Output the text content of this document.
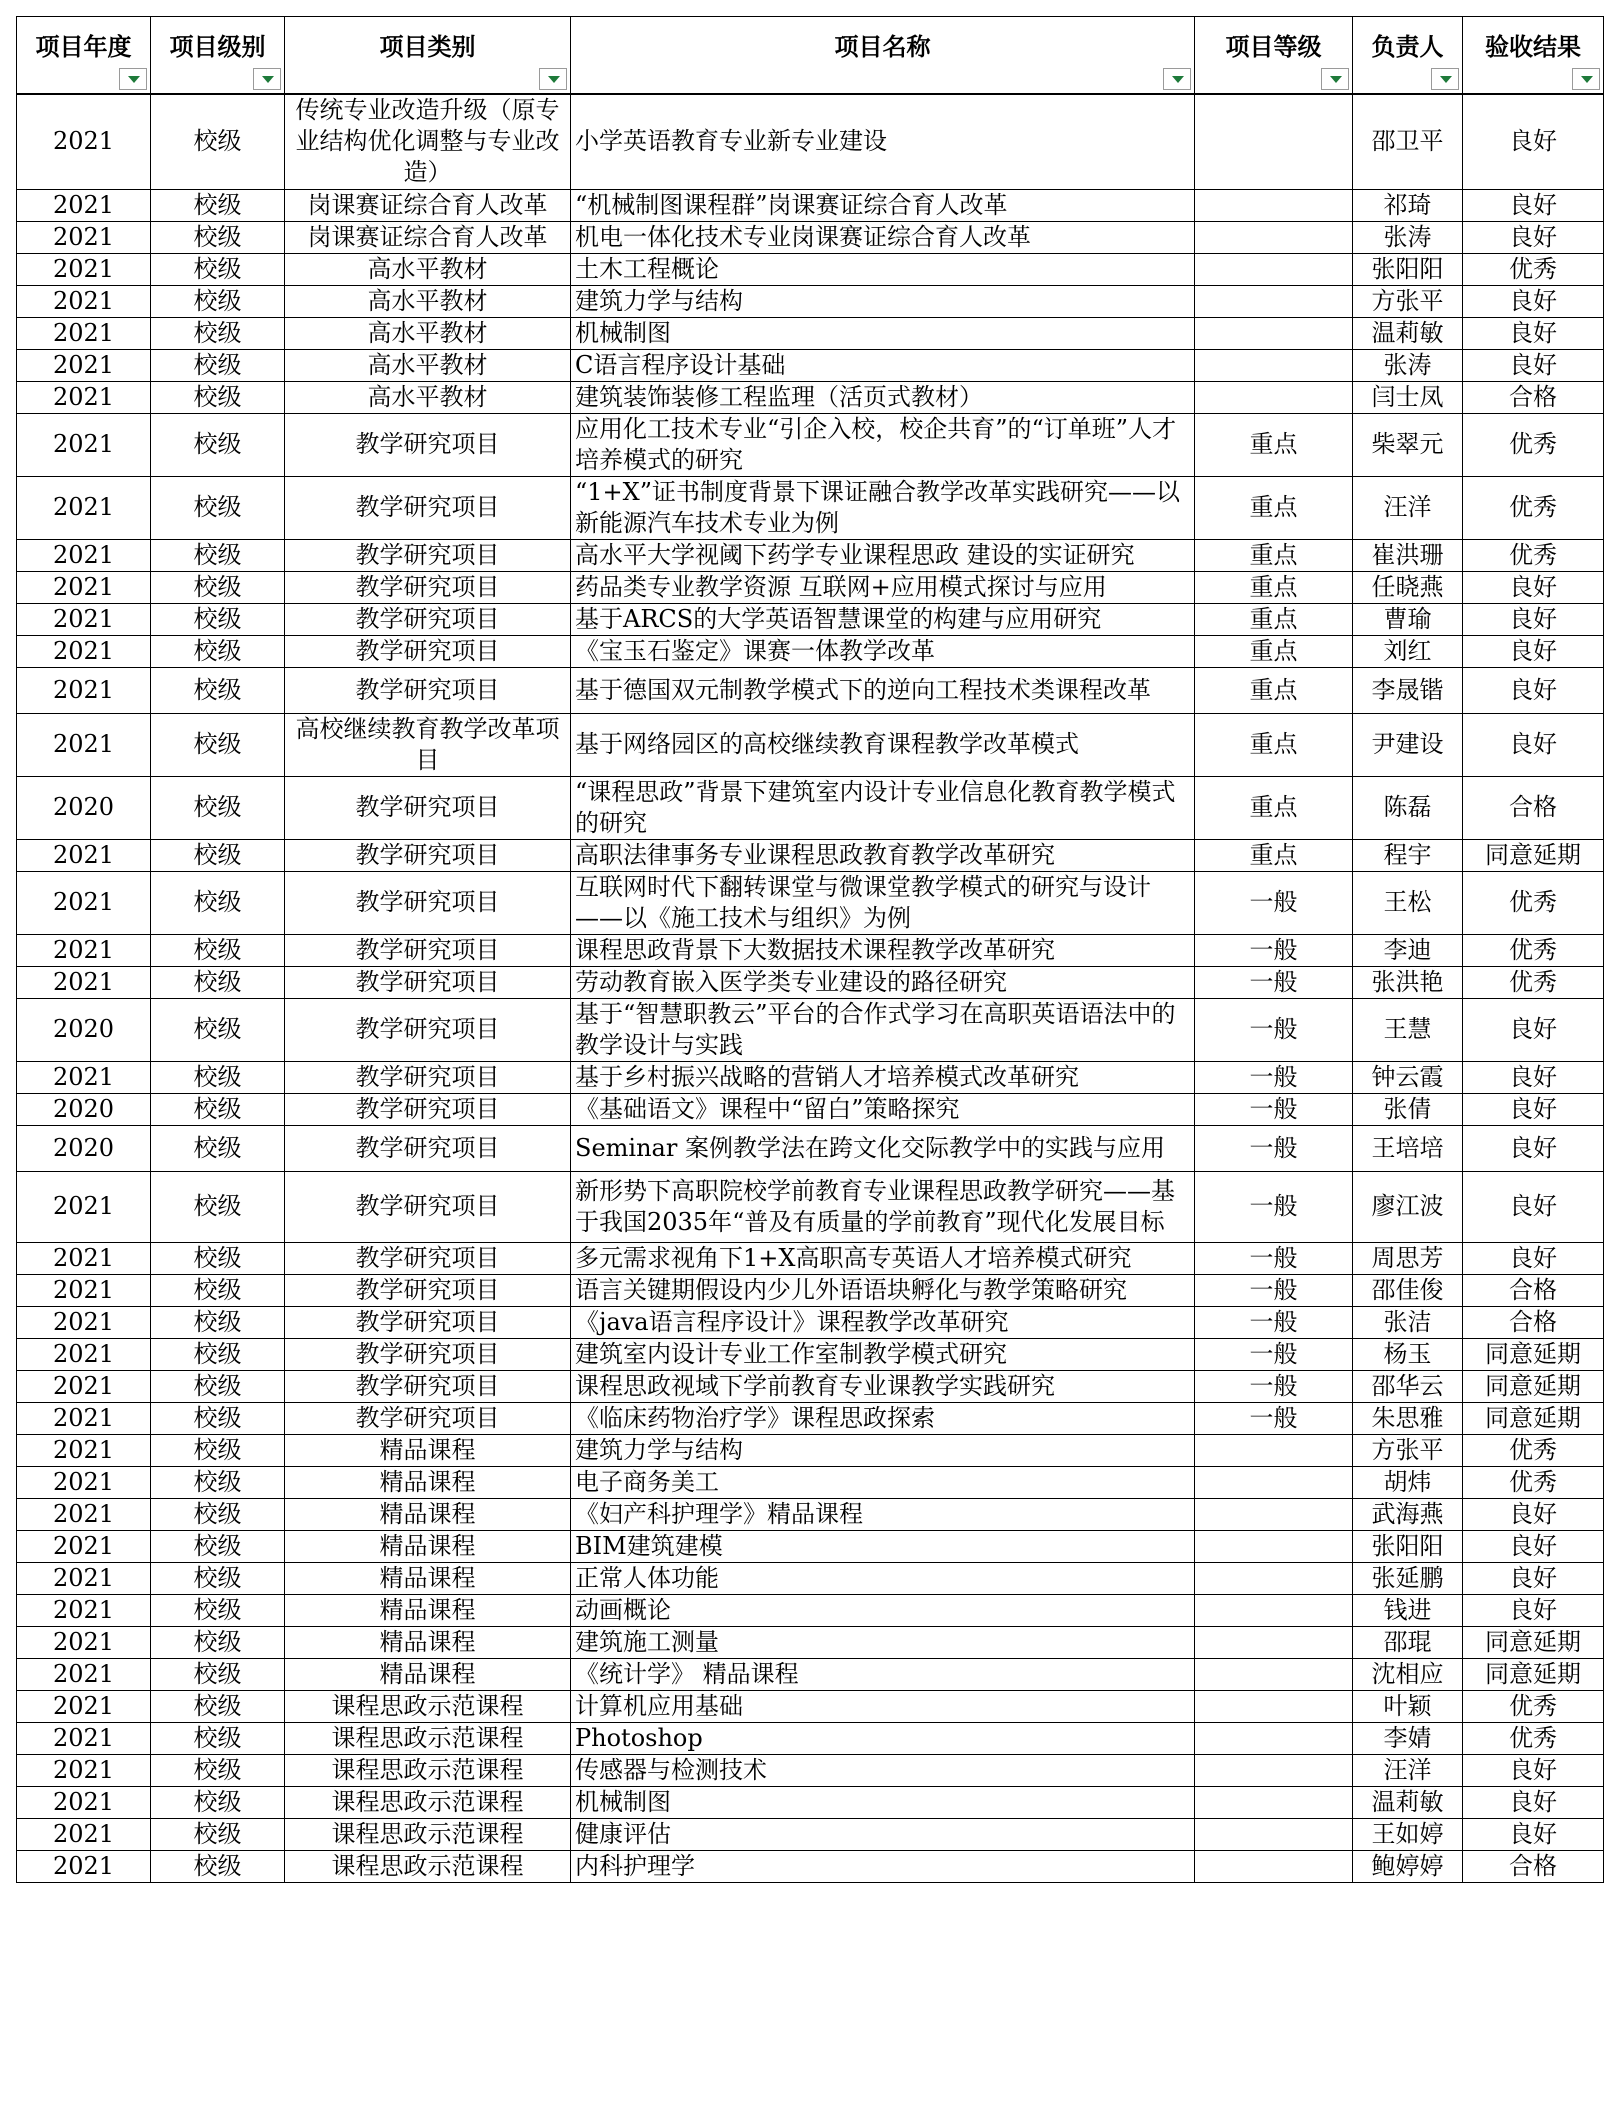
项目年度	项目级别	项目类别	项目名称	项目等级	负责人	验收结果

2021	校级	传统专业改造升级（原专业结构优化调整与专业改造）	小学英语教育专业新专业建设		邵卫平	良好
2021	校级	岗课赛证综合育人改革	“机械制图课程群”岗课赛证综合育人改革		祁琦	良好
2021	校级	岗课赛证综合育人改革	机电一体化技术专业岗课赛证综合育人改革		张涛	良好
2021	校级	高水平教材	土木工程概论		张阳阳	优秀
2021	校级	高水平教材	建筑力学与结构		方张平	良好
2021	校级	高水平教材	机械制图		温莉敏	良好
2021	校级	高水平教材	C语言程序设计基础		张涛	良好
2021	校级	高水平教材	建筑装饰装修工程监理（活页式教材）		闫士凤	合格
2021	校级	教学研究项目	应用化工技术专业“引企入校，校企共育”的“订单班”人才培养模式的研究	重点	柴翠元	优秀
2021	校级	教学研究项目	“1+X”证书制度背景下课证融合教学改革实践研究——以新能源汽车技术专业为例	重点	汪洋	优秀
2021	校级	教学研究项目	高水平大学视阈下药学专业课程思政 建设的实证研究	重点	崔洪珊	优秀
2021	校级	教学研究项目	药品类专业教学资源 互联网+应用模式探讨与应用	重点	任晓燕	良好
2021	校级	教学研究项目	基于ARCS的大学英语智慧课堂的构建与应用研究	重点	曹瑜	良好
2021	校级	教学研究项目	《宝玉石鉴定》课赛一体教学改革	重点	刘红	良好
2021	校级	教学研究项目	基于德国双元制教学模式下的逆向工程技术类课程改革	重点	李晟锴	良好
2021	校级	高校继续教育教学改革项目	基于网络园区的高校继续教育课程教学改革模式	重点	尹建设	良好
2020	校级	教学研究项目	“课程思政”背景下建筑室内设计专业信息化教育教学模式的研究	重点	陈磊	合格
2021	校级	教学研究项目	高职法律事务专业课程思政教育教学改革研究	重点	程宇	同意延期
2021	校级	教学研究项目	互联网时代下翻转课堂与微课堂教学模式的研究与设计——以《施工技术与组织》为例	一般	王松	优秀
2021	校级	教学研究项目	课程思政背景下大数据技术课程教学改革研究	一般	李迪	优秀
2021	校级	教学研究项目	劳动教育嵌入医学类专业建设的路径研究	一般	张洪艳	优秀
2020	校级	教学研究项目	基于“智慧职教云”平台的合作式学习在高职英语语法中的教学设计与实践	一般	王慧	良好
2021	校级	教学研究项目	基于乡村振兴战略的营销人才培养模式改革研究	一般	钟云霞	良好
2020	校级	教学研究项目	《基础语文》课程中“留白”策略探究	一般	张倩	良好
2020	校级	教学研究项目	Seminar 案例教学法在跨文化交际教学中的实践与应用	一般	王培培	良好
2021	校级	教学研究项目	新形势下高职院校学前教育专业课程思政教学研究——基于我国2035年“普及有质量的学前教育”现代化发展目标	一般	廖江波	良好
2021	校级	教学研究项目	多元需求视角下1+X高职高专英语人才培养模式研究	一般	周思芳	良好
2021	校级	教学研究项目	语言关键期假设内少儿外语语块孵化与教学策略研究	一般	邵佳俊	合格
2021	校级	教学研究项目	《java语言程序设计》课程教学改革研究	一般	张洁	合格
2021	校级	教学研究项目	建筑室内设计专业工作室制教学模式研究	一般	杨玉	同意延期
2021	校级	教学研究项目	课程思政视域下学前教育专业课教学实践研究	一般	邵华云	同意延期
2021	校级	教学研究项目	《临床药物治疗学》课程思政探索	一般	朱思雅	同意延期
2021	校级	精品课程	建筑力学与结构		方张平	优秀
2021	校级	精品课程	电子商务美工		胡炜	优秀
2021	校级	精品课程	《妇产科护理学》精品课程		武海燕	良好
2021	校级	精品课程	BIM建筑建模		张阳阳	良好
2021	校级	精品课程	正常人体功能		张延鹏	良好
2021	校级	精品课程	动画概论		钱进	良好
2021	校级	精品课程	建筑施工测量		邵琨	同意延期
2021	校级	精品课程	《统计学》 精品课程		沈相应	同意延期
2021	校级	课程思政示范课程	计算机应用基础		叶颖	优秀
2021	校级	课程思政示范课程	Photoshop		李婧	优秀
2021	校级	课程思政示范课程	传感器与检测技术		汪洋	良好
2021	校级	课程思政示范课程	机械制图		温莉敏	良好
2021	校级	课程思政示范课程	健康评估		王如婷	良好
2021	校级	课程思政示范课程	内科护理学		鲍婷婷	合格
